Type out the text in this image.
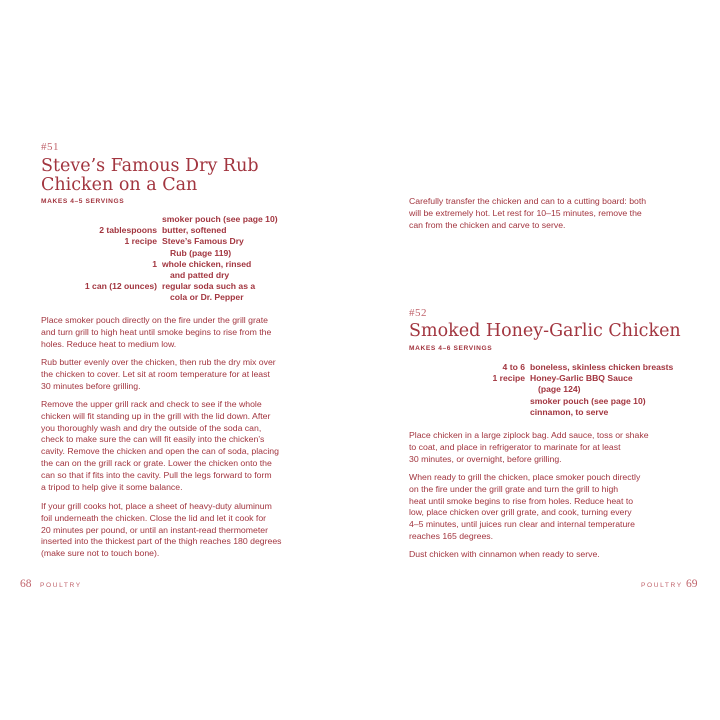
#51
Steve’s Famous Dry Rub
Chicken on a Can
MAKES 4–5 SERVINGS
smoker pouch (see page 10)
2 tablespoons butter, softened
1 recipe Steve’s Famous Dry
Rub (page 119)
1 whole chicken, rinsed
and patted dry
1 can (12 ounces) regular soda such as a
cola or Dr. Pepper

Place smoker pouch directly on the fire under the grill grate
and turn grill to high heat until smoke begins to rise from the
holes. Reduce heat to medium low.

Rub butter evenly over the chicken, then rub the dry mix over
the chicken to cover. Let sit at room temperature for at least
30 minutes before grilling.

Remove the upper grill rack and check to see if the whole
chicken will fit standing up in the grill with the lid down. After
you thoroughly wash and dry the outside of the soda can,
check to make sure the can will fit easily into the chicken’s
cavity. Remove the chicken and open the can of soda, placing
the can on the grill rack or grate. Lower the chicken onto the
can so that if fits into the cavity. Pull the legs forward to form
a tripod to help give it some balance.

If your grill cooks hot, place a sheet of heavy-duty aluminum
foil underneath the chicken. Close the lid and let it cook for
20 minutes per pound, or until an instant-read thermometer
inserted into the thickest part of the thigh reaches 180 degrees
(make sure not to touch bone).

68 POULTRY

Carefully transfer the chicken and can to a cutting board: both
will be extremely hot. Let rest for 10–15 minutes, remove the
can from the chicken and carve to serve.

#52
Smoked Honey-Garlic Chicken
MAKES 4–6 SERVINGS
4 to 6 boneless, skinless chicken breasts
1 recipe Honey-Garlic BBQ Sauce
(page 124)
smoker pouch (see page 10)
cinnamon, to serve

Place chicken in a large ziplock bag. Add sauce, toss or shake
to coat, and place in refrigerator to marinate for at least
30 minutes, or overnight, before grilling.

When ready to grill the chicken, place smoker pouch directly
on the fire under the grill grate and turn the grill to high
heat until smoke begins to rise from holes. Reduce heat to
low, place chicken over grill grate, and cook, turning every
4–5 minutes, until juices run clear and internal temperature
reaches 165 degrees.

Dust chicken with cinnamon when ready to serve.

POULTRY 69
